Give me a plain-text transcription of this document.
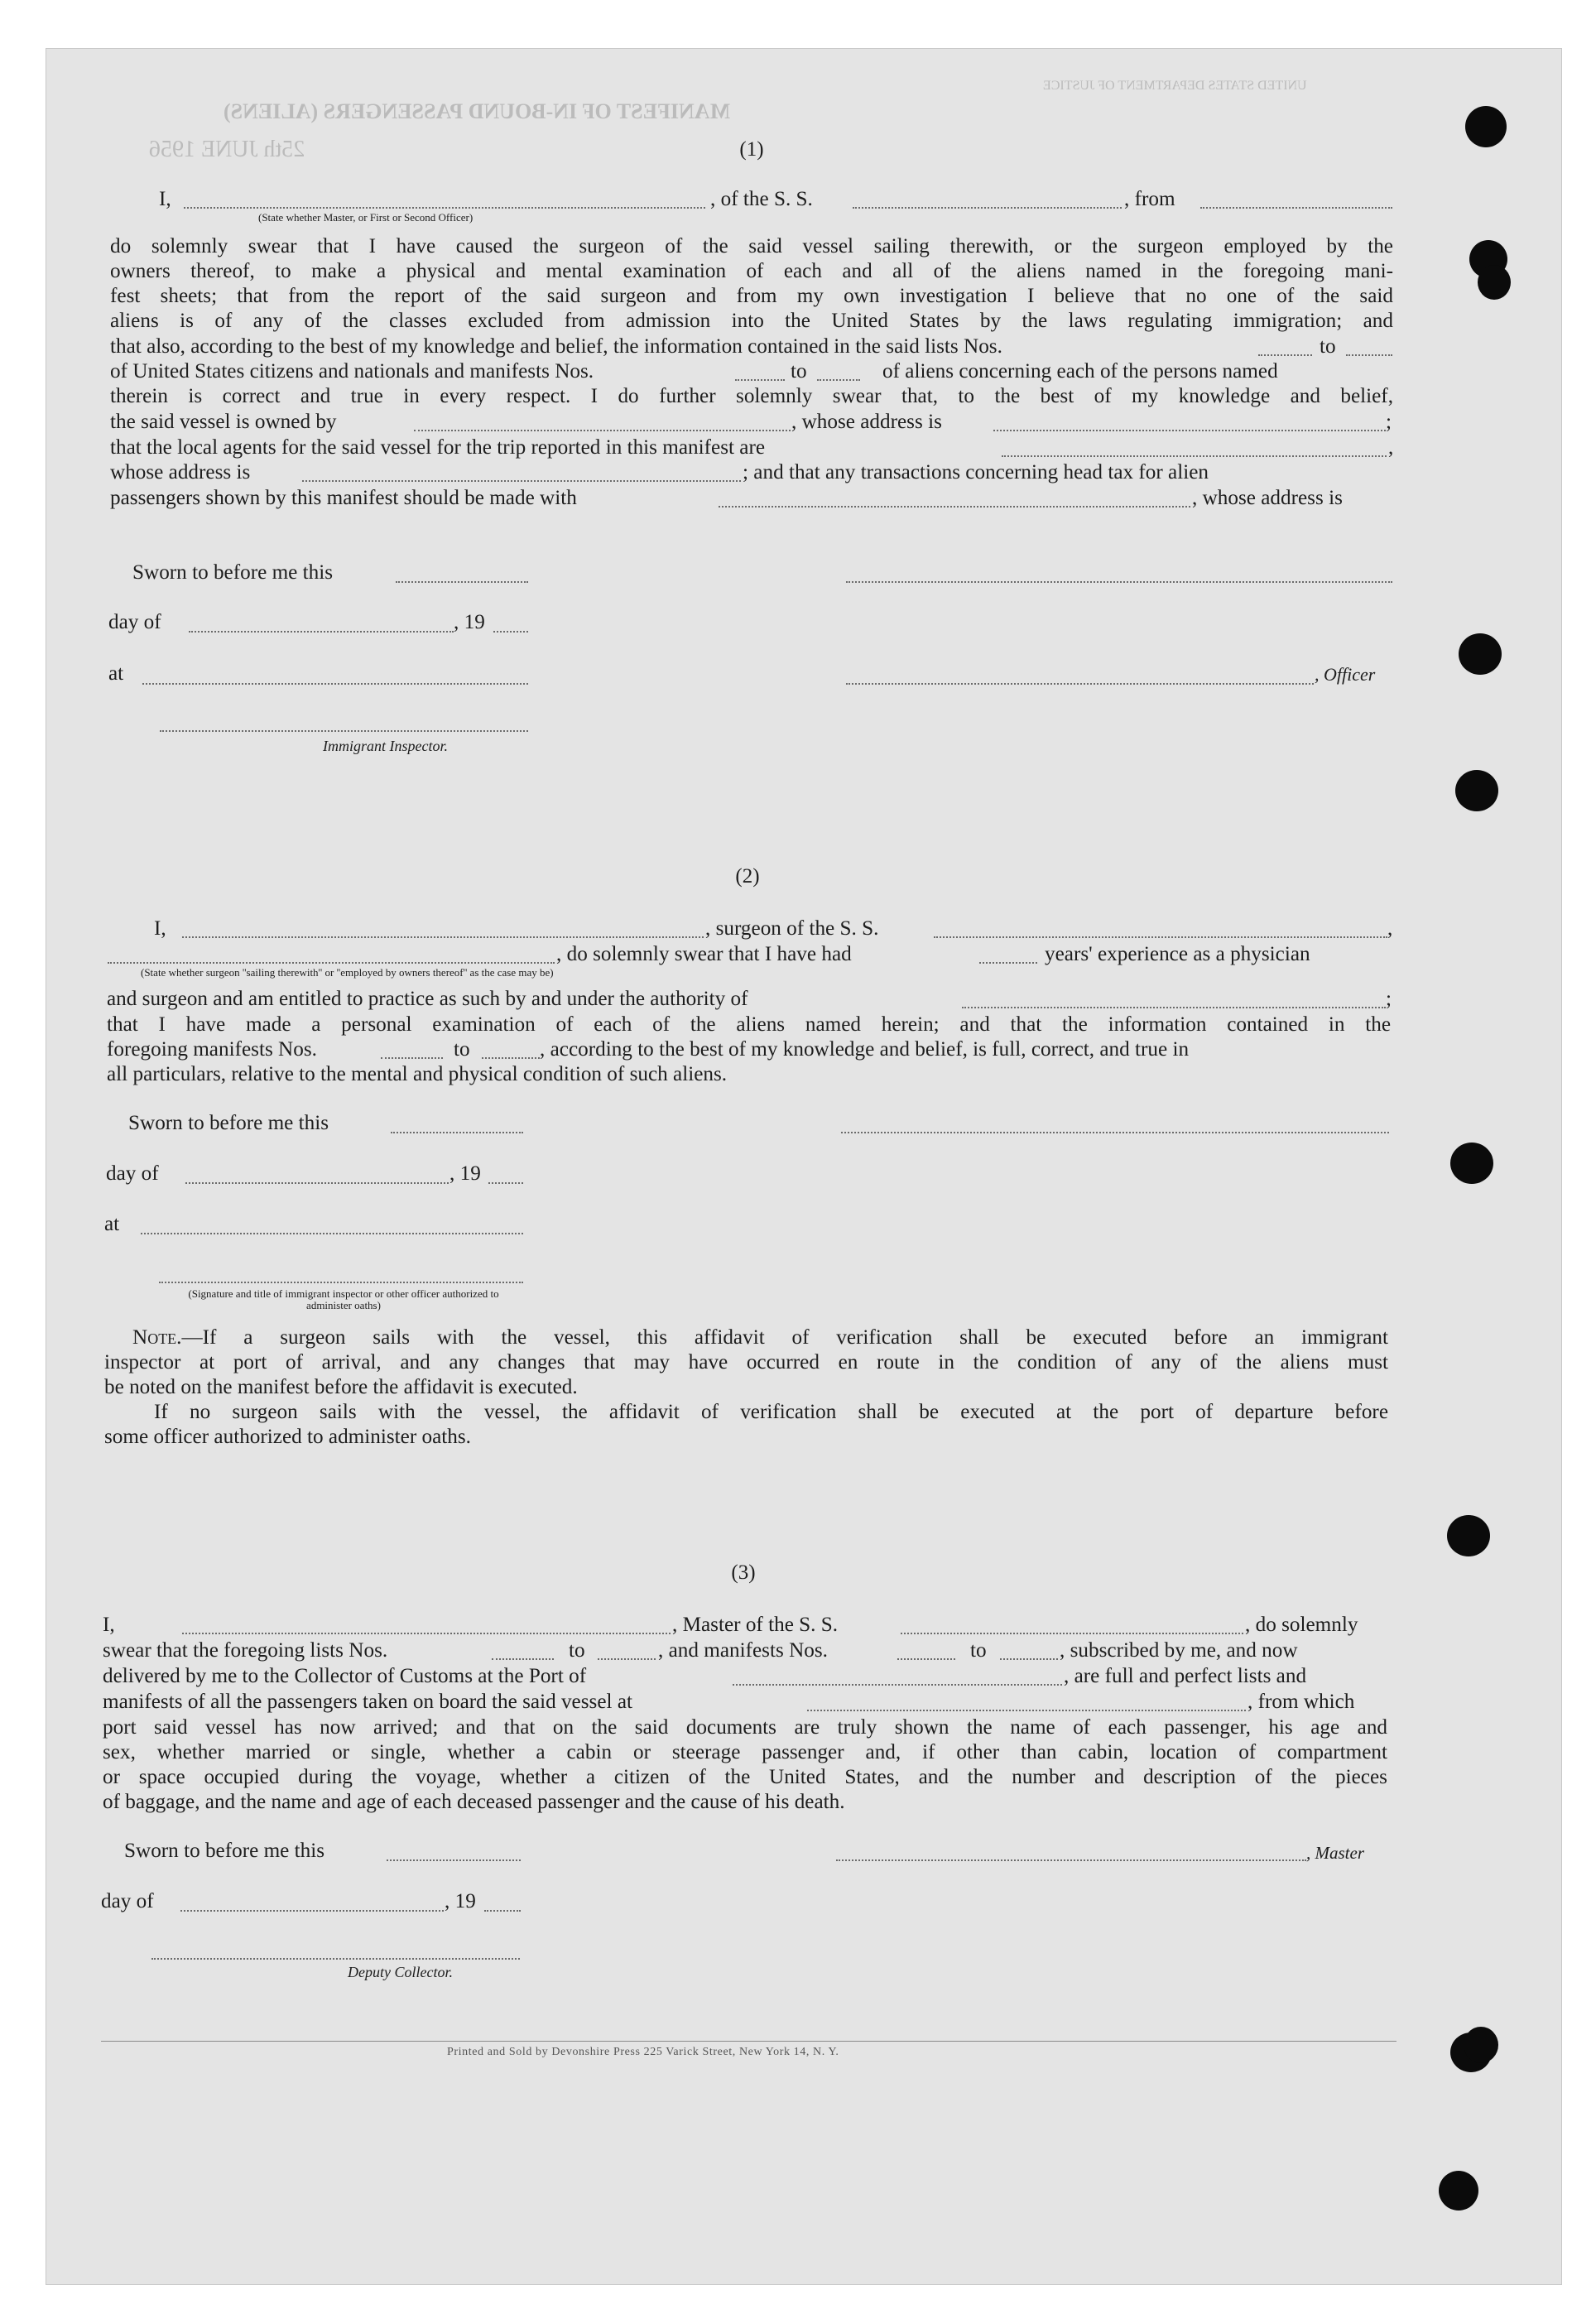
MANIFEST OF IN-BOUND PASSENGERS (ALIENS)
UNITED STATES DEPARTMENT OF JUSTICE
25th JUNE 1956	(1)
I,	, of the S. S.	, from
(State whether Master, or First or Second Officer)
do solemnly swear that I have caused the surgeon of the said vessel sailing therewith, or the surgeon employed by the
owners thereof, to make a physical and mental examination of each and all of the aliens named in the foregoing mani-
fest sheets; that from the report of the said surgeon and from my own investigation I believe that no one of the said
aliens is of any of the classes excluded from admission into the United States by the laws regulating immigration; and
that also, according to the best of my knowledge and belief, the information contained in the said lists Nos.	to
of United States citizens and nationals and manifests Nos.	to	of aliens concerning each of the persons named
therein is correct and true in every respect. I do further solemnly swear that, to the best of my knowledge and belief,
the said vessel is owned by	, whose address is	;
that the local agents for the said vessel for the trip reported in this manifest are	,
whose address is	; and that any transactions concerning head tax for alien
passengers shown by this manifest should be made with	, whose address is
Sworn to before me this
day of	, 19
at	, Officer
Immigrant Inspector.
(2)
I,	, surgeon of the S. S.	,
, do solemnly swear that I have had	years' experience as a physician
(State whether surgeon ''sailing therewith'' or ''employed by owners thereof'' as the case may be)
and surgeon and am entitled to practice as such by and under the authority of	;
that I have made a personal examination of each of the aliens named herein; and that the information contained in the
foregoing manifests Nos.	to	, according to the best of my knowledge and belief, is full, correct, and true in
all particulars, relative to the mental and physical condition of such aliens.
Sworn to before me this
day of	, 19
at
(Signature and title of immigrant inspector or other officer authorized to administer oaths)
Note.—If a surgeon sails with the vessel, this affidavit of verification shall be executed before an immigrant
inspector at port of arrival, and any changes that may have occurred en route in the condition of any of the aliens must
be noted on the manifest before the affidavit is executed.
If no surgeon sails with the vessel, the affidavit of verification shall be executed at the port of departure before
some officer authorized to administer oaths.
(3)
I,	, Master of the S. S.	, do solemnly
swear that the foregoing lists Nos.	to	, and manifests Nos.	to	, subscribed by me, and now
delivered by me to the Collector of Customs at the Port of	, are full and perfect lists and
manifests of all the passengers taken on board the said vessel at	, from which
port said vessel has now arrived; and that on the said documents are truly shown the name of each passenger, his age and
sex, whether married or single, whether a cabin or steerage passenger and, if other than cabin, location of compartment
or space occupied during the voyage, whether a citizen of the United States, and the number and description of the pieces
of baggage, and the name and age of each deceased passenger and the cause of his death.
Sworn to before me this	, Master
day of	, 19
Deputy Collector.
Printed and Sold by Devonshire Press 225 Varick Street, New York 14, N. Y.
